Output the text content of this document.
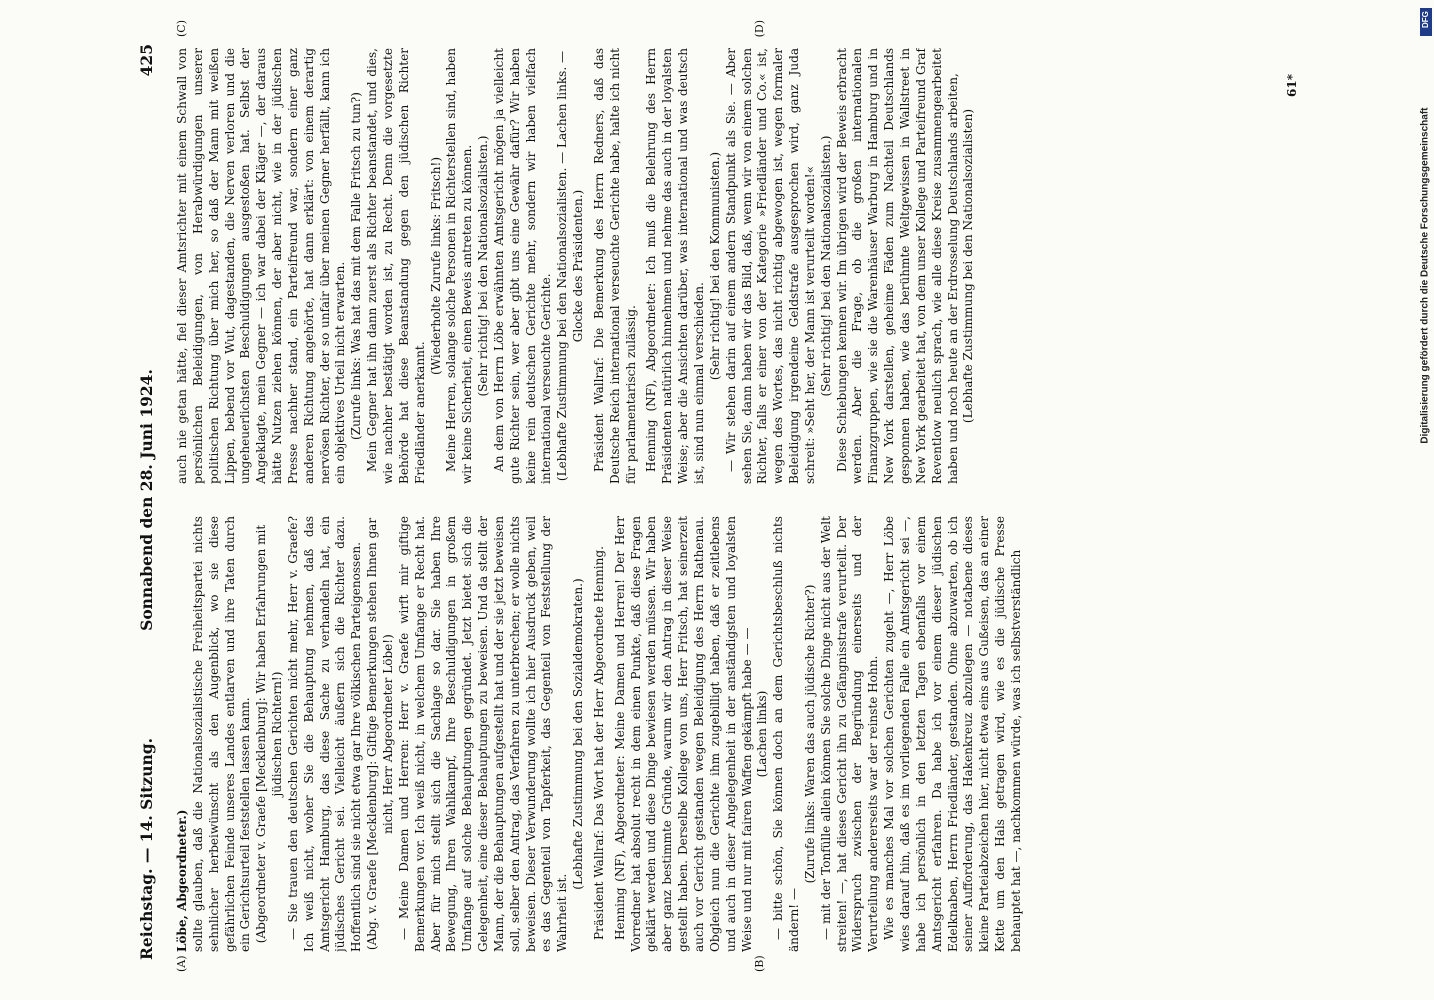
Reichstag. — 14. Sitzung.
Sonnabend den 28. Juni 1924.
425
(A)	(B)
(C)	(D)

Löbe, Abgeordneter.) sollte glauben, daß die Nationalsozialistische Freiheitspartei nichts sehnlicher herbeiwünscht als den Augenblick, wo sie diese gefährlichen Feinde unseres Landes entlarven und ihre Taten durch ein Gerichtsurteil feststellen lassen kann. (Abgeordneter v. Graefe [Mecklenburg]: Wir haben Erfahrungen mit jüdischen Richtern!) — Sie trauen den deutschen Gerichten nicht mehr, Herr v. Graefe? Ich weiß nicht, woher Sie die Behauptung nehmen, daß das Amtsgericht Hamburg, das diese Sache zu verhandeln hat, ein jüdisches Gericht sei. Vielleicht äußern sich die Richter dazu. Hoffentlich sind sie nicht etwa gar Ihre völkischen Parteigenossen. (Abg. v. Graefe [Mecklenburg]: Giftige Bemerkungen stehen Ihnen gar nicht, Herr Abgeordneter Löbe!) — Meine Damen und Herren: Herr v. Graefe wirft mir giftige Bemerkungen vor. Ich weiß nicht, in welchem Umfange er Recht hat. Aber für mich stellt sich die Sachlage so dar. Sie haben Ihre Bewegung, Ihren Wahlkampf, Ihre Beschuldigungen in großem Umfange auf solche Behauptungen gegründet. Jetzt bietet sich die Gelegenheit, eine dieser Behauptungen zu beweisen. Und da stellt der Mann, der die Behauptungen aufgestellt hat und der sie jetzt beweisen soll, selber den Antrag, das Verfahren zu unterbrechen; er wolle nichts beweisen. Dieser Verwunderung wollte ich hier Ausdruck geben, weil es das Gegenteil von Tapferkeit, das Gegenteil von Feststellung der Wahrheit ist.

(Lebhafte Zustimmung bei den Sozialdemokraten.) Präsident Wallraf: Das Wort hat der Herr Abgeordnete Henning. Henning (NF), Abgeordneter: Meine Damen und Herren! Der Herr Vorredner hat absolut recht in dem einen Punkte, daß diese Fragen geklärt werden und diese Dinge bewiesen werden müssen. Wir haben aber ganz bestimmte Gründe, warum wir den Antrag in dieser Weise gestellt haben. Derselbe Kollege von uns, Herr Fritsch, hat seinerzeit auch vor Gericht gestanden wegen Beleidigung des Herrn Rathenau. Obgleich nun die Gerichte ihm zugebilligt haben, daß er zeitlebens und auch in dieser Angelegenheit in der anständigsten und loyalsten Weise und nur mit fairen Waffen gekämpft habe — — (Lachen links) — bitte schön, Sie können doch an dem Gerichtsbeschluß nichts ändern! —

(Zurufe links: Waren das auch jüdische Richter?) — mit der Tonfülle allein können Sie solche Dinge nicht aus der Welt streiten! —, hat dieses Gericht ihn zu Gefängnisstrafe verurteilt. Der Widerspruch zwischen der Begründung einerseits und der Verurteilung andererseits war der reinste Hohn. Wie es manches Mal vor solchen Gerichten zugeht —, Herr Löbe wies darauf hin, daß es im vorliegenden Falle ein Amtsgericht sei —, habe ich persönlich in den letzten Tagen ebenfalls vor einem Amtsgericht erfahren. Da habe ich vor einem dieser jüdischen Edelknaben, Herrn Friedländer, gestanden. Ohne abzuwarten, ob ich seiner Aufforderung, das Hakenkreuz abzulegen — notabene dieses kleine Parteiabzeichen hier, nicht etwa eins aus Gußeisen, das an einer Kette um den Hals getragen wird, wie es die jüdische Presse behauptet hat —, nachkommen würde, was ich selbstverständlich

auch nie getan hätte, fiel dieser Amtsrichter mit einem Schwall von persönlichen Beleidigungen, von Herabwürdigungen unserer politischen Richtung über mich her, so daß der Mann mit weißen Lippen, bebend vor Wut, dagestanden, die Nerven verloren und die ungeheuerlichsten Beschuldigungen ausgestoßen hat. Selbst der Angeklagte, mein Gegner — ich war dabei der Kläger —, der daraus hätte Nutzen ziehen können, der aber nicht, wie in der jüdischen Presse nachher stand, ein Parteifreund war, sondern einer ganz anderen Richtung angehörte, hat dann erklärt: von einem derartig nervösen Richter, der so unfair über meinen Gegner herfällt, kann ich ein objektives Urteil nicht erwarten. (Zurufe links: Was hat das mit dem Falle Fritsch zu tun?) Mein Gegner hat ihn dann zuerst als Richter beanstandet, und dies, wie nachher bestätigt worden ist, zu Recht. Denn die vorgesetzte Behörde hat diese Beanstandung gegen den jüdischen Richter Friedländer anerkannt.

(Wiederholte Zurufe links: Fritsch!) Meine Herren, solange solche Personen in Richterstellen sind, haben wir keine Sicherheit, einen Beweis antreten zu können. (Sehr richtig! bei den Nationalsozialisten.) An dem von Herrn Löbe erwähnten Amtsgericht mögen ja vielleicht gute Richter sein, wer aber gibt uns eine Gewähr dafür? Wir haben keine rein deutschen Gerichte mehr, sondern wir haben vielfach international verseuchte Gerichte. (Lebhafte Zustimmung bei den Nationalsozialisten. — Lachen links. — Glocke des Präsidenten.) Präsident Wallraf: Die Bemerkung des Herrn Redners, daß das Deutsche Reich international verseuchte Gerichte habe, halte ich nicht für parlamentarisch zulässig. Henning (NF), Abgeordneter: Ich muß die Belehrung des Herrn Präsidenten natürlich hinnehmen und nehme das auch in der loyalsten Weise; aber die Ansichten darüber, was international und was deutsch ist, sind nun einmal verschieden.

(Sehr richtig! bei den Kommunisten.) — Wir stehen darin auf einem andern Standpunkt als Sie. — Aber sehen Sie, dann haben wir das Bild, daß, wenn wir von einem solchen Richter, falls er einer von der Kategorie »Friedländer und Co.« ist, wegen des Wortes, das nicht richtig abgewogen ist, wegen formaler Beleidigung irgendeine Geldstrafe ausgesprochen wird, ganz Juda schreit: »Seht her, der Mann ist verurteilt worden!« (Sehr richtig! bei den Nationalsozialisten.) Diese Schiebungen kennen wir. Im übrigen wird der Beweis erbracht werden. Aber die Frage, ob die großen internationalen Finanzgruppen, wie sie die Warenhäuser Warburg in Hamburg und in New York darstellen, geheime Fäden zum Nachteil Deutschlands gesponnen haben, wie das berühmte Weltgewissen in Wallstreet in New York gearbeitet hat, von dem unser Kollege und Parteifreund Graf Reventlow neulich sprach, wie alle diese Kreise zusammengearbeitet haben und noch heute an der Erdrosselung Deutschlands arbeiten, (Lebhafte Zustimmung bei den Nationalsozialisten)

61*
DFG
Digitalisierung gefördert durch die Deutsche Forschungsgemeinschaft
